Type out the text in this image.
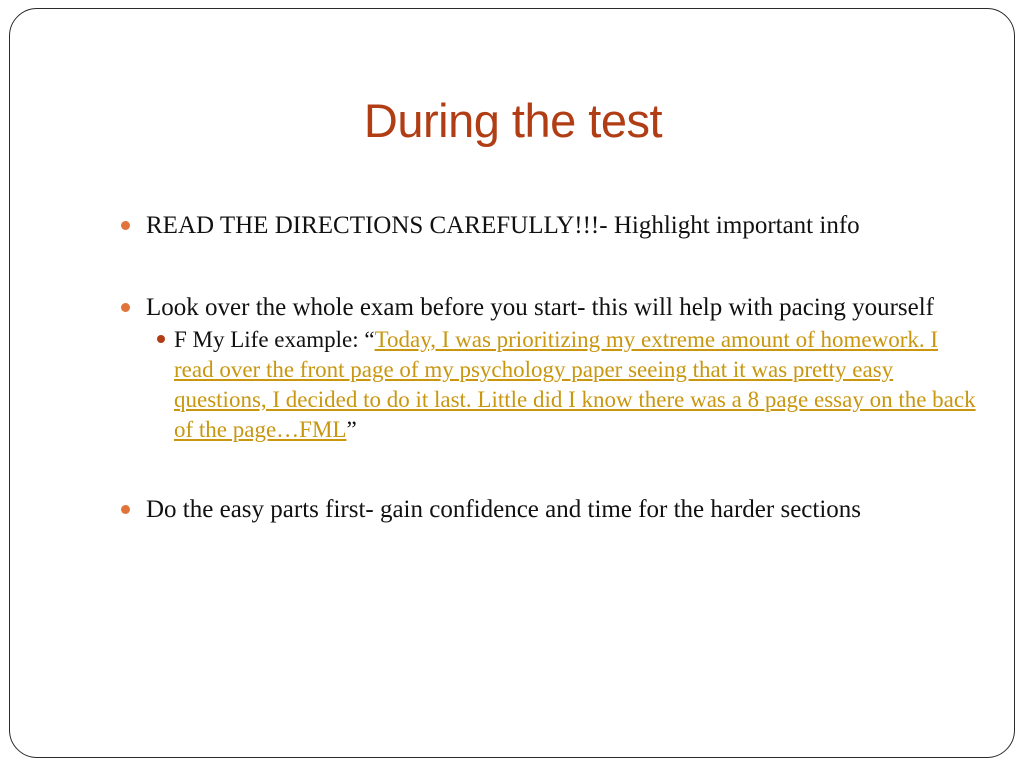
During the test
READ THE DIRECTIONS CAREFULLY!!!- Highlight important info
Look over the whole exam before you start- this will help with pacing yourself
F My Life example: “Today, I was prioritizing my extreme amount of homework. I read over the front page of my psychology paper seeing that it was pretty easy questions, I decided to do it last. Little did I know there was a 8 page essay on the back of the page…FML”
Do the easy parts first- gain confidence and time for the harder sections
